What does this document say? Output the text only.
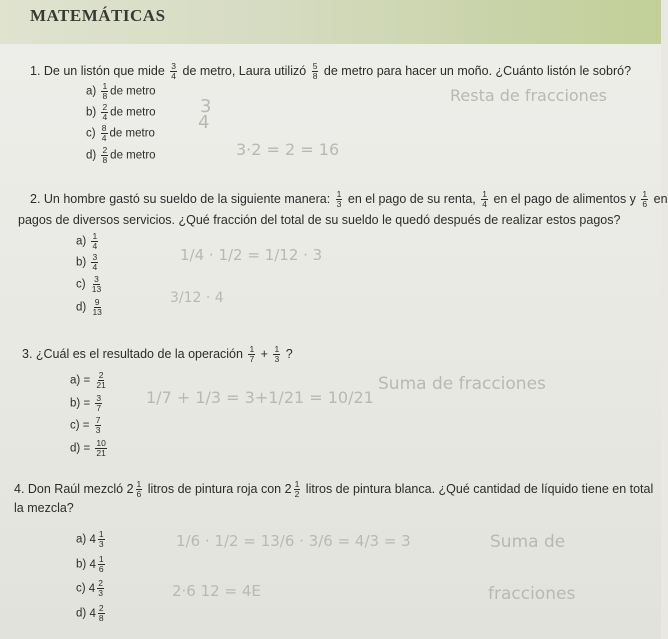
MATEMÁTICAS
3
4
3·2 = 2 = 16
Resta de fracciones
1/4 · 1/2 = 1/12 · 3
3/12 · 4
1/7 + 1/3 = 3+1/21 = 10/21
Suma de fracciones
1/6 · 1/2 = 13/6 · 3/6 = 4/3 = 3	Suma de
2·6 12 = 4E	fracciones
1. De un listón que mide $\frac{3}{4}$ de metro, Laura utilizó $\frac{5}{8}$ de metro para hacer un moño. ¿Cuánto listón le sobró?
$a) \frac{1}{8}$ de metro
$b) \frac{2}{4}$ de metro
$c) \frac{8}{4}$ de metro
$d) \frac{2}{8}$ de metro
2. Un hombre gastó su sueldo de la siguiente manera: $\frac{1}{3}$ en el pago de su renta, $\frac{1}{4}$ en el pago de alimentos y $\frac{1}{6}$ en
pagos de diversos servicios. ¿Qué fracción del total de su sueldo le quedó después de realizar estos pagos?
$a) \frac{1}{4}$
$b) \frac{3}{4}$
$c) \frac{3}{13}$
$d) \frac{9}{13}$
3. ¿Cuál es el resultado de la operación $\frac{1}{7} + \frac{1}{3}$ ?
$a) = \frac{2}{21}$
$b) = \frac{3}{7}$
$c) = \frac{7}{3}$
$d) = \frac{10}{21}$
4. Don Raúl mezcló $2 \frac{1}{6}$ litros de pintura roja con $2 \frac{1}{2}$ litros de pintura blanca. ¿Qué cantidad de líquido tiene en total
la mezcla?
a) $4 \frac{1}{3}$
b) $4 \frac{1}{6}$
c) $4 \frac{2}{3}$
d) $4 \frac{2}{8}$
